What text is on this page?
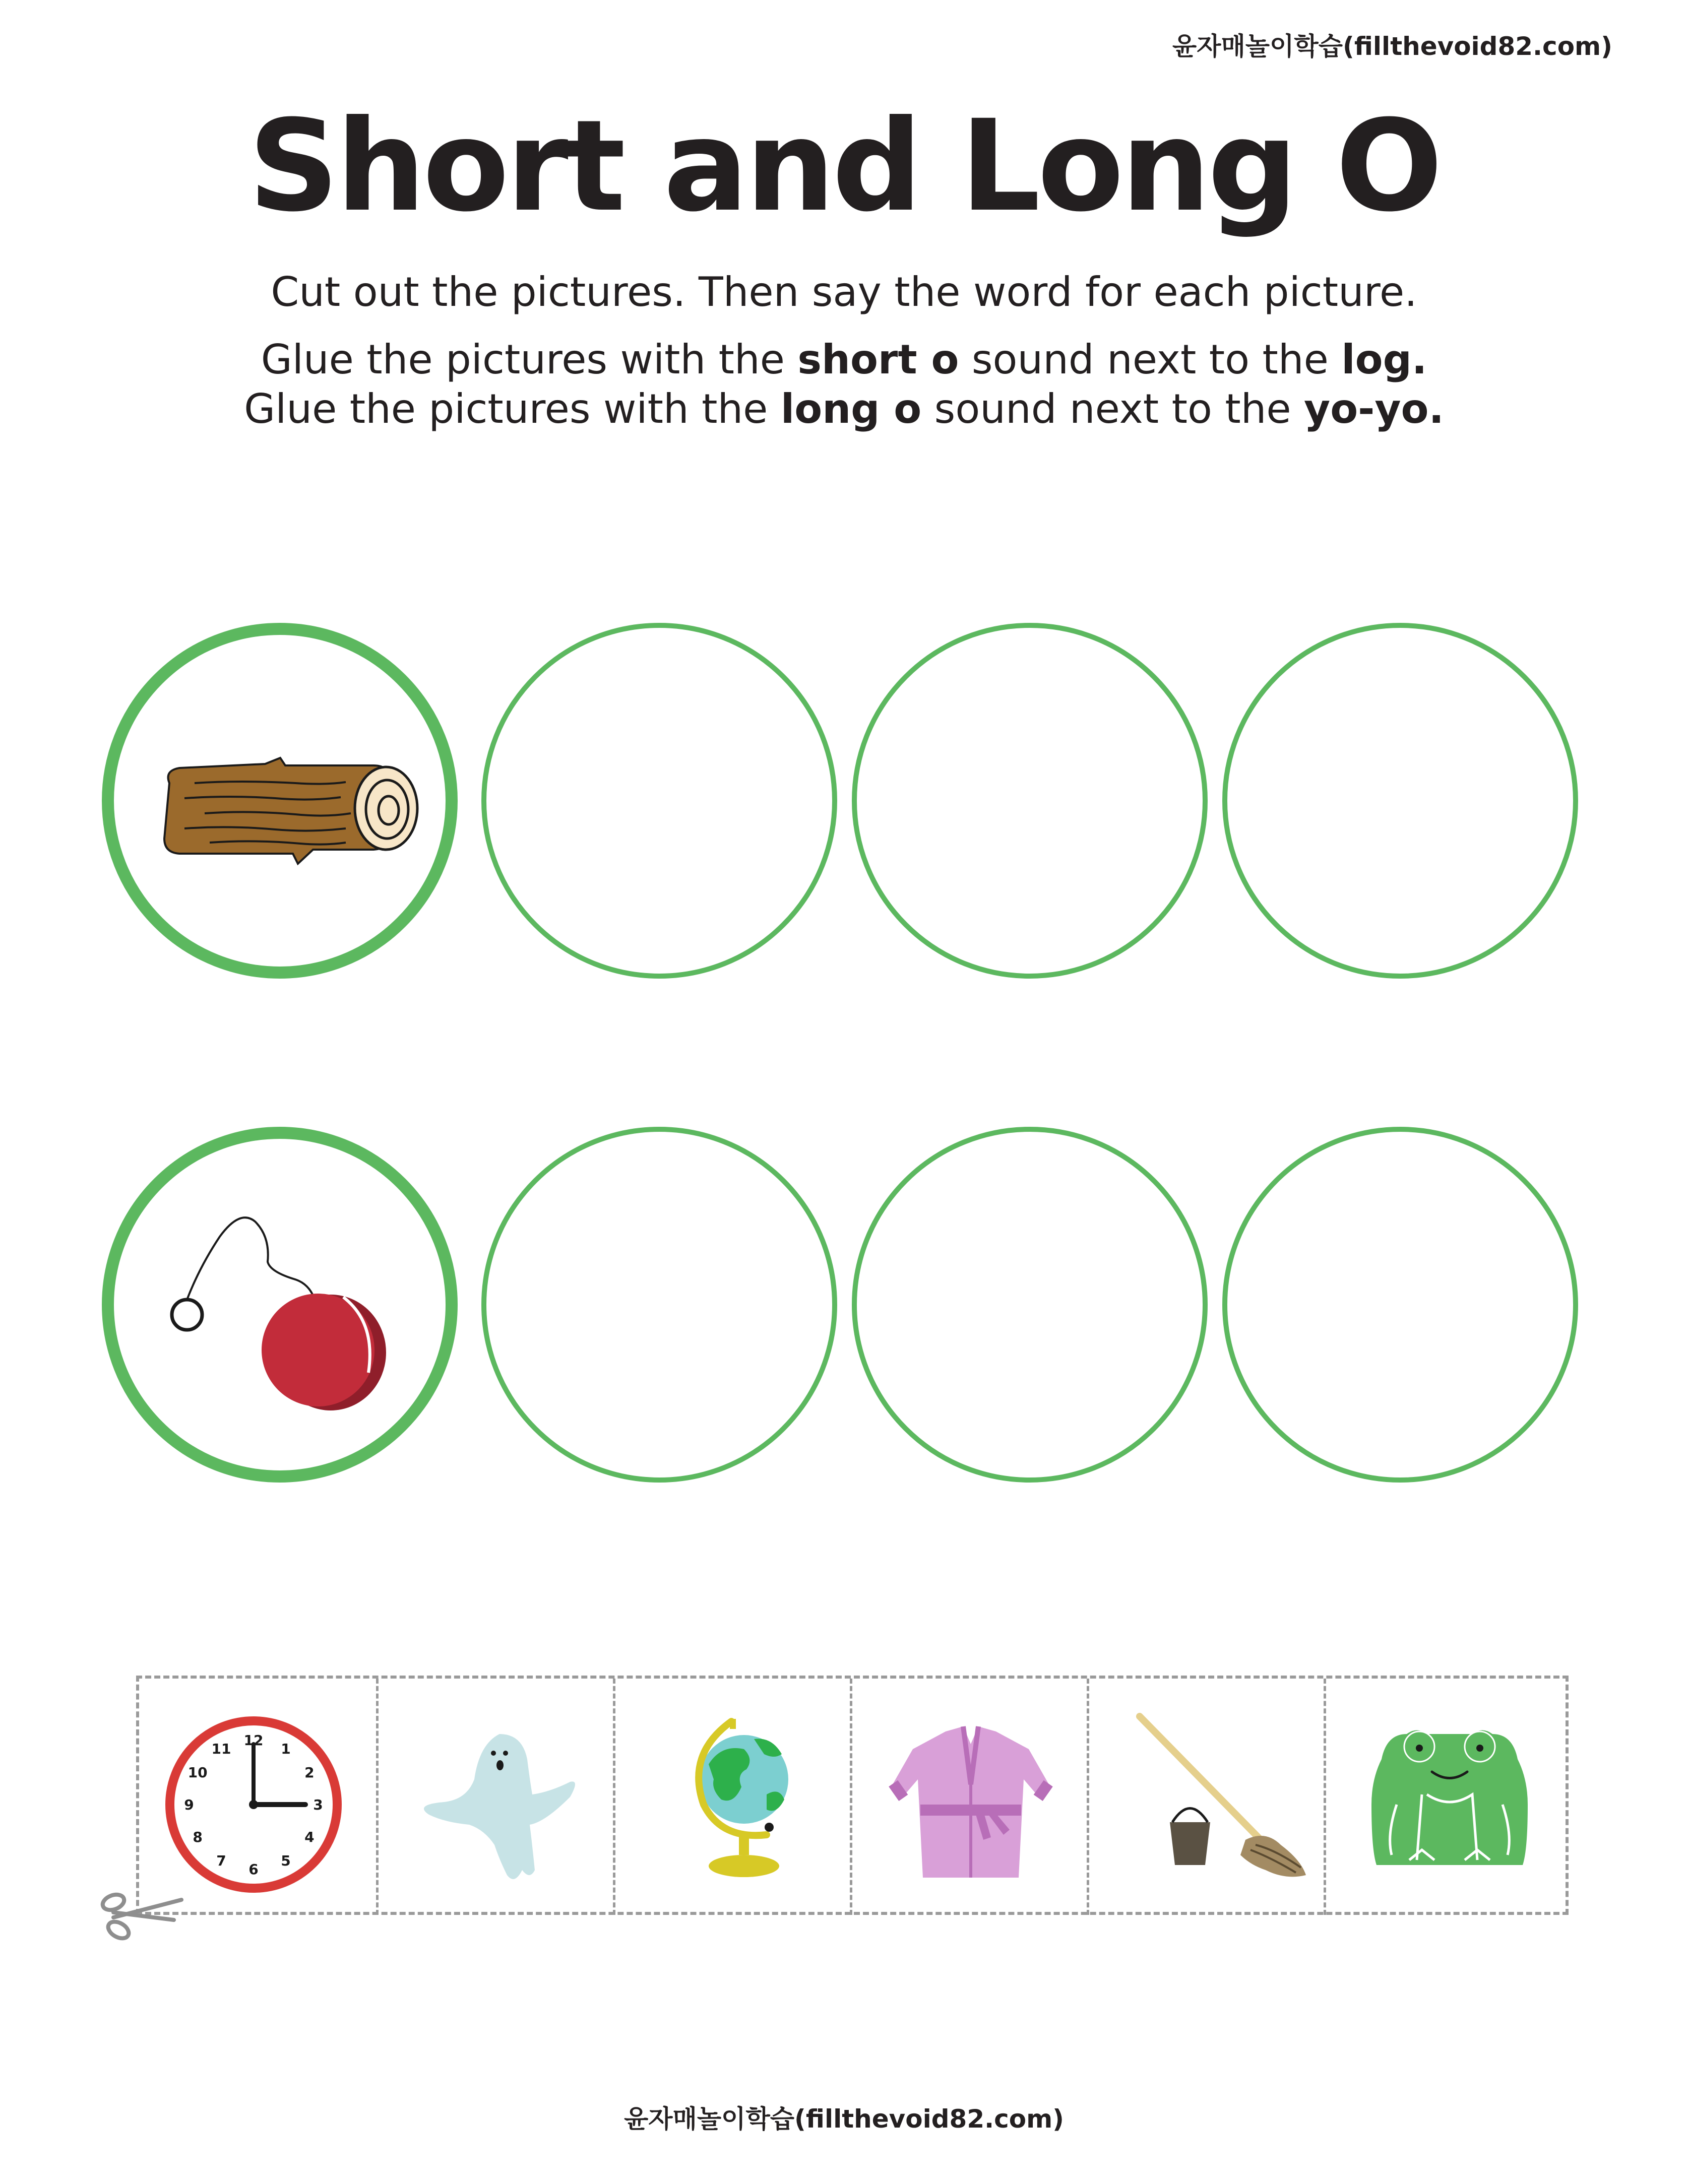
윤자매놀이학습(fillthevoid82.com)
Short and Long O
Cut out the pictures. Then say the word for each picture.
Glue the pictures with the short o sound next to the log.
Glue the pictures with the long o sound next to the yo-yo.
12
1
2
3
4
5
6
7
8
9
10
11
윤자매놀이학습(fillthevoid82.com)
